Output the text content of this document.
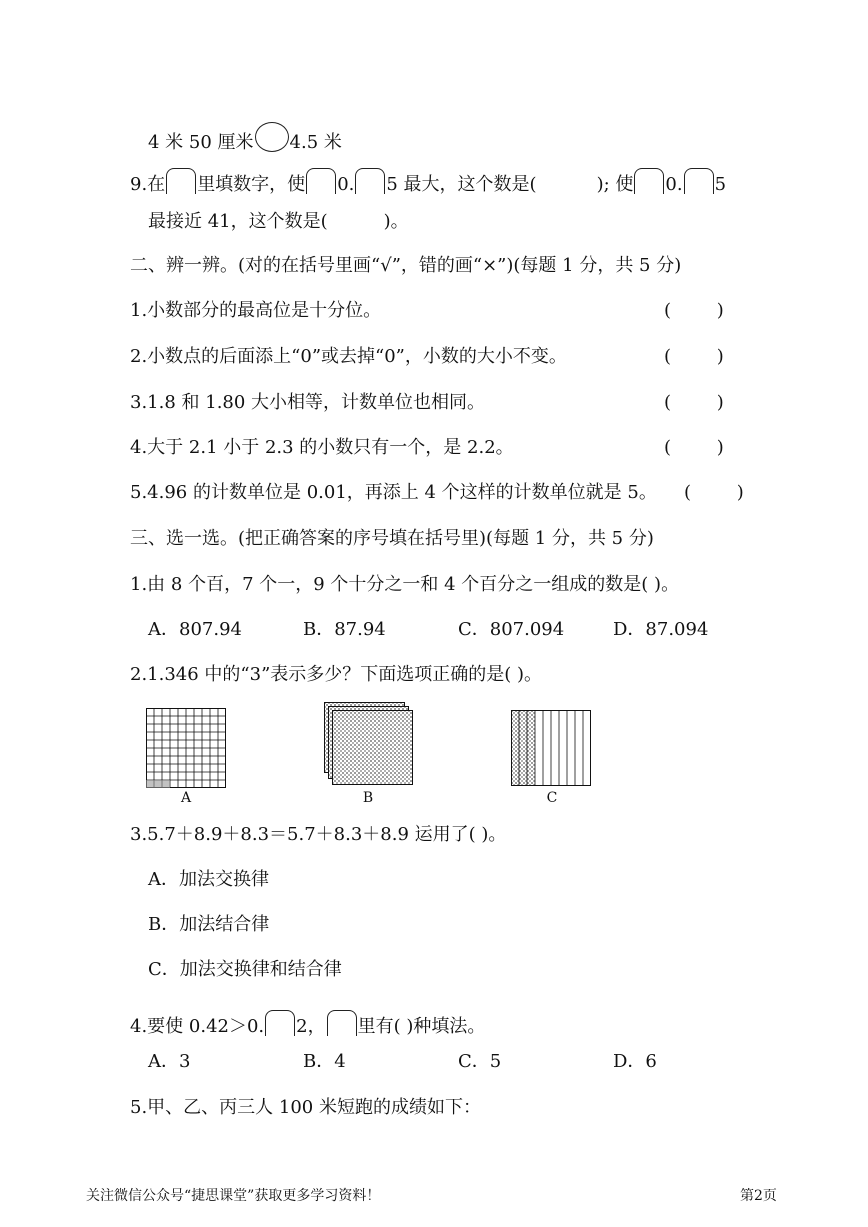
4 米 50 厘米 4.5 米
9.在 里填数字，使 0. 5 最大，这个数是(	); 使 0. 5
最接近 41，这个数是(	)。
二、辨一辨。(对的在括号里画“√”，错的画“×”)(每题 1 分，共 5 分)
1.小数部分的最高位是十分位。	(        )
2.小数点的后面添上“0”或去掉“0”，小数的大小不变。	(        )
3.1.8 和 1.80 大小相等，计数单位也相同。	(        )
4.大于 2.1 小于 2.3 的小数只有一个，是 2.2。	(        )
5.4.96 的计数单位是 0.01，再添上 4 个这样的计数单位就是 5。 (        )
三、选一选。(把正确答案的序号填在括号里)(每题 1 分，共 5 分)
1.由 8 个百，7 个一，9 个十分之一和 4 个百分之一组成的数是( )。
A．807.94	B．87.94	C．807.094	D．87.094
2.1.346 中的“3”表示多少？下面选项正确的是( )。
A	B	C
3.5.7＋8.9＋8.3＝5.7＋8.3＋8.9 运用了( )。
A．加法交换律
B．加法结合律
C．加法交换律和结合律
4.要使 0.42＞0. 2， 里有( )种填法。
A．3	B．4	C．5	D．6
5.甲、乙、丙三人 100 米短跑的成绩如下：
关注微信公众号“捷思课堂”获取更多学习资料！	第2页
